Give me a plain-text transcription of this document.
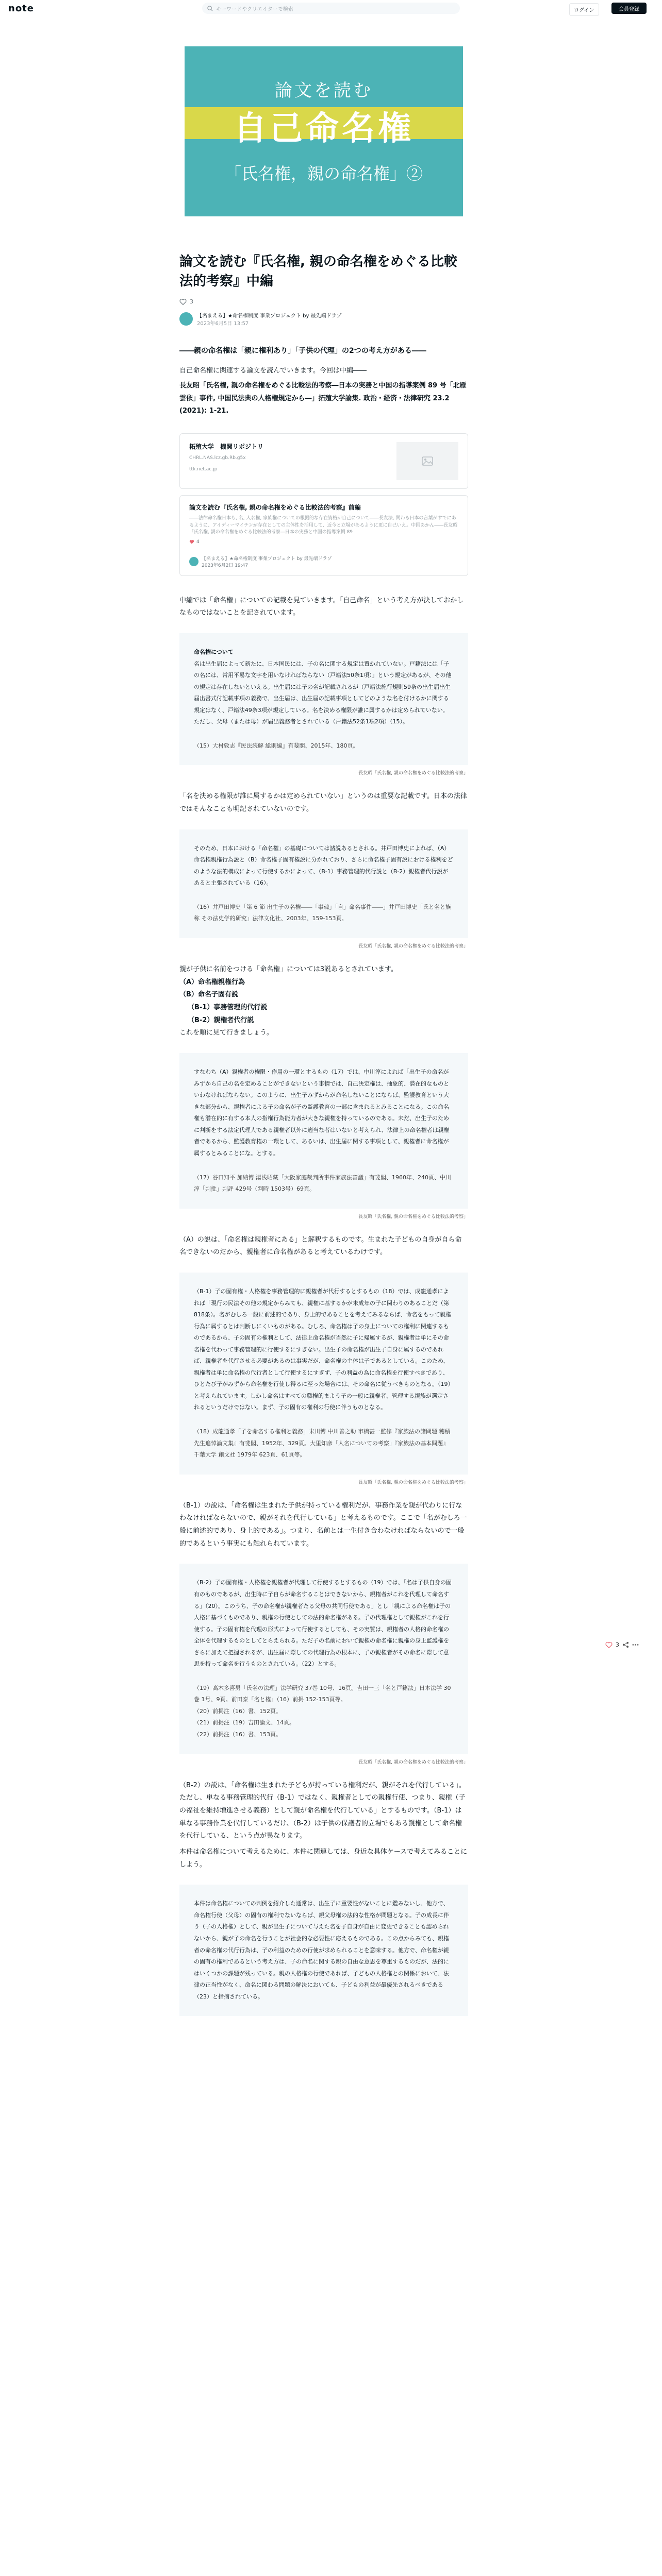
note	キーワードやクリエイターで検索	ログイン	会員登録
論文を読む
自己命名権
「氏名権，親の命名権」②
論文を読む『氏名権, 親の命名権をめぐる比較法的考察』中編
3
【名まえる】★命名権制度 事業プロジェクト by 最先端ドラゾ
2023年6月5日 13:57

――親の命名権は「親に権利あり」「子供の代理」の2つの考え方がある――

自己命名権に関連する論文を読んでいきます。今回は中編――

長友昭「氏名権, 親の命名権をめぐる比較法的考察―日本の実務と中国の指導案例 89 号「北雁雲依」事件, 中国民法典の人格権規定から―」拓殖大学論集. 政治・経済・法律研究 23.2 (2021): 1-21.

拓殖大学　機関リポジトリ
CHRL.NAS.lcz.gb.Rb.g5x
ttk.net.ac.jp
論文を読む『氏名権, 親の命名権をめぐる比較法的考察』前編
――法律命名権日本も, 名, 人名権, 家族権についての根据的な存在資格が自己について――長友法, 関わる日本の言葉がすでにあるように、アイディーマイチンが存在としての主体性を活用して、近今と立場があるように更に自己いえ。中国あかん――長友昭「氏名権, 親の命名権をめぐる比較法的考察―日本の実務と中国の指導案例 89
4
【名まえる】★命名権制度 事業プロジェクト by 最先端ドラゾ
2023年6月2日 19:47

中編では「命名権」についての記載を見ていきます。「自己命名」という考え方が決しておかしなものではないことを記されています。

命名権について
名は出生届によって新たに、日本国民には、子の名に関する規定は置かれていない。戸籍法には「子の名には、常用平易な文字を用いなければならない（戸籍法50条1項）」という規定があるが、その他の規定は存在しないといえる。出生届には子の名が記載されるが（戸籍法施行規則59条の出生届出生届出書式付記載事項の義務で、出生届は、出生届の記載事項としてどのような名を付けるかに関する規定はなく、戸籍法49条3項が規定している。名を決める権限が誰に属するかは定められていない。ただし、父母（または母）が届出義務者とされている（戸籍法52条1項2項）（15）。
（15）大村敦志『民法読解 総則編』有斐閣、2015年、180頁。
長友昭「氏名権, 親の命名権をめぐる比較法的考察」

「名を決める権限が誰に属するかは定められていない」というのは重要な記載です。日本の法律ではそんなことも明記されていないのです。

そのため、日本における「命名権」の基礎については諸説あるとされる。井戸田博史によれば、（A）命名権親権行為説と（B）命名権子固有権説に分かれており、さらに命名権子固有説における権利をどのような法的構成によって行使するかによって、（B-1）事務管理的代行説と（B-2）親権者代行説があると主張されている（16）。
（16）井戸田博史「第 6 節 出生子の名権――「事魂」「自」命名事件――」井戸田博史「氏と名と族称 その法史学的研究」法律文化社、2003年、159-153頁。
長友昭「氏名権, 親の命名権をめぐる比較法的考察」

親が子供に名前をつける「命名権」については3説あるとされています。

（A）命名権親権行為
（B）命名子固有説
（B-1）事務管理的代行説
（B-2）親権者代行説

これを順に見て行きましょう。

すなわち（A）親権者の権限・作用の一環とするもの（17）では、中川淳によれば「出生子の命名がみずから自己の名を定めることができないという事情では、自己決定権は、抽象的、潜在的なものといわなければならない。このように、出生子みずからが命名しないことにならば、監護教育という大きな部分から、親権者による子の命名が子の監護教育の一部に含まれるとみることになる。この命名権も潜在的に有する本人の指権行為能力者が大きな親権を持っているのである。未だ、出生子のために判断をする法定代理人である親権者以外に適当な者はいないと考えられ、法律上の命名権者は親権者であるから、監護教育権の一環として、あるいは、出生届に関する事項として、親権者に命名権が属するとみることにな。とする。
（17）谷口知平 加納博 湯浅昭藏「大阪家庭裁判所事件家族法審議」有斐閣、1960年、240頁、中川淳「判批」判評 429号（判時 1503号）69頁。
長友昭「氏名権, 親の命名権をめぐる比較法的考察」

（A）の説は、「命名権は親権者にある」と解釈するものです。生まれた子どもの自身が自ら命名できないのだから、親権者に命名権があると考えているわけです。

（B-1）子の固有権・人格権を事務管理的に親権者が代行するとするもの（18）では、成龍通孝によれば「現行の民法その他の規定からみても、親権に基するかが未成年の子に関わりのあることだ（第818条）。名がむしろ一般に前述的であり、身上的であることを考えてみるならば、命名をもって親権行為に属するとは判断しにくいものがある。むしろ、命名権は子の身上についての権利に関連するものであるから、子の固有の権利として、法律上命名権が当然に子に帰属するが、親権者は単にその命名権を代わって事務管理的に行使するにすぎない。出生子の命名権が出生子自身に属するのであれば、親権者を代行させる必要があるのは事実だが、命名権の主体は子であるとしている。このため、親権者は単に命名権の代行者として行使するにすぎず、子の利益の為に命名権を行使すべきであり、ひとたび子がみずから命名権を行使し得るに至った場合には、その命名に従うべきものとなる。（19）と考えられています。しかし命名はすべての職権的まよう子の一般に親権者、管理する親族が選定されるというだけではない。まず、子の固有の権利の行使に伴うものとなる。
（18）成龍通孝「子を命名する権利と義務」末川博 中川善之助 市橋甚一監修『家族法の諸問題 穂積先生追悼論文集』有斐閣、1952年、329頁。大里知彦「人名についての考察」『家族法の基本問題』千葉大学 創文社 1979年 623頁、61頁等。
長友昭「氏名権, 親の命名権をめぐる比較法的考察」

（B-1）の説は、「命名権は生まれた子供が持っている権利だが、事務作業を親が代わりに行なわなければならないので、親がそれを代行している」と考えるものです。ここで「名がむしろ一般に前述的であり、身上的である」。つまり、名前とは一生付き合わなければならないので一般的であるという事実にも触れられています。

（B-2）子の固有権・人格権を親権者が代理して行使するとするもの（19）では、「名は子供自身の固有のものであるが、出生時に子自らが命名することはできないから、親権者がこれを代理して命名する」（20）。このうち、子の命名権が親権者たる父母の共同行使である」とし「親による命名権は子の人格に基づくものであり、親権の行使としての法的命名権がある。子の代理権として親権がこれを行使する。子の固有権を代理の形式によって行使するとしても、その実質は、親権者の人格的命名権の全体を代理するものとしてとらえられる。ただ子の名前において親権の命名権に親権の身上監護権をさらに加えて把握されるが、出生届に際しての代理行為の根本に、子の親権者がその命名に際して意思を持って命名を行うものとされている。（22）とする。
（19）高木多喜男「氏名の法理」法学研究 37巻 10号、16頁。吉田一三「名と戸籍法」日本法学 30巻 1号、9頁。前田泰「名と権」（16）前掲 152-153頁等。
（20）前掲注（16）書、152頁。
（21）前掲注（19）吉田論文、14頁。
（22）前掲注（16）書、153頁。
長友昭「氏名権, 親の命名権をめぐる比較法的考察」

（B-2）の説は、「命名権は生まれた子どもが持っている権利だが、親がそれを代行している」。ただし、単なる事務管理的代行（B-1）ではなく、親権者としての親権行使、つまり、親権（子の福祉を維持増進させる義務）として親が命名権を代行している」とするものです。（B-1）は単なる事務作業を代行しているだけ、（B-2）は子供の保護者的立場でもある親権として命名権を代行している、という点が異なります。

本件は命名権について考えるために、本件に関連しては、身近な具体ケースで考えてみることにしよう。

本件は命名権についての判例を紹介した通常は、出生子に重要性がないことに鑑みないし、他方で、命名権行使（父母）の固有の権利でないならば、親父母権の法的な性格が問題となる。子の成長に伴う（子の人格権）として、親が出生子について与えた名を子自身が自由に変更できることも認められないから、親が子の命名を行うことが社会的な必要性に応えるものである。この点からみても、親権者の命名権の代行行為は、子の利益のための行使が求められることを意味する。他方で、命名権が親の固有の権利であるという考え方は、子の命名に関する親の自由な意思を尊重するものだが、法的にはいくつかの課題が残っている。親の人格権の行使であれば、子どもの人格権との関係において、法律の正当性がなく、命名に関わる問題の解決においても、子どもの利益が最優先されるべきである（23）と指摘されている。
3
